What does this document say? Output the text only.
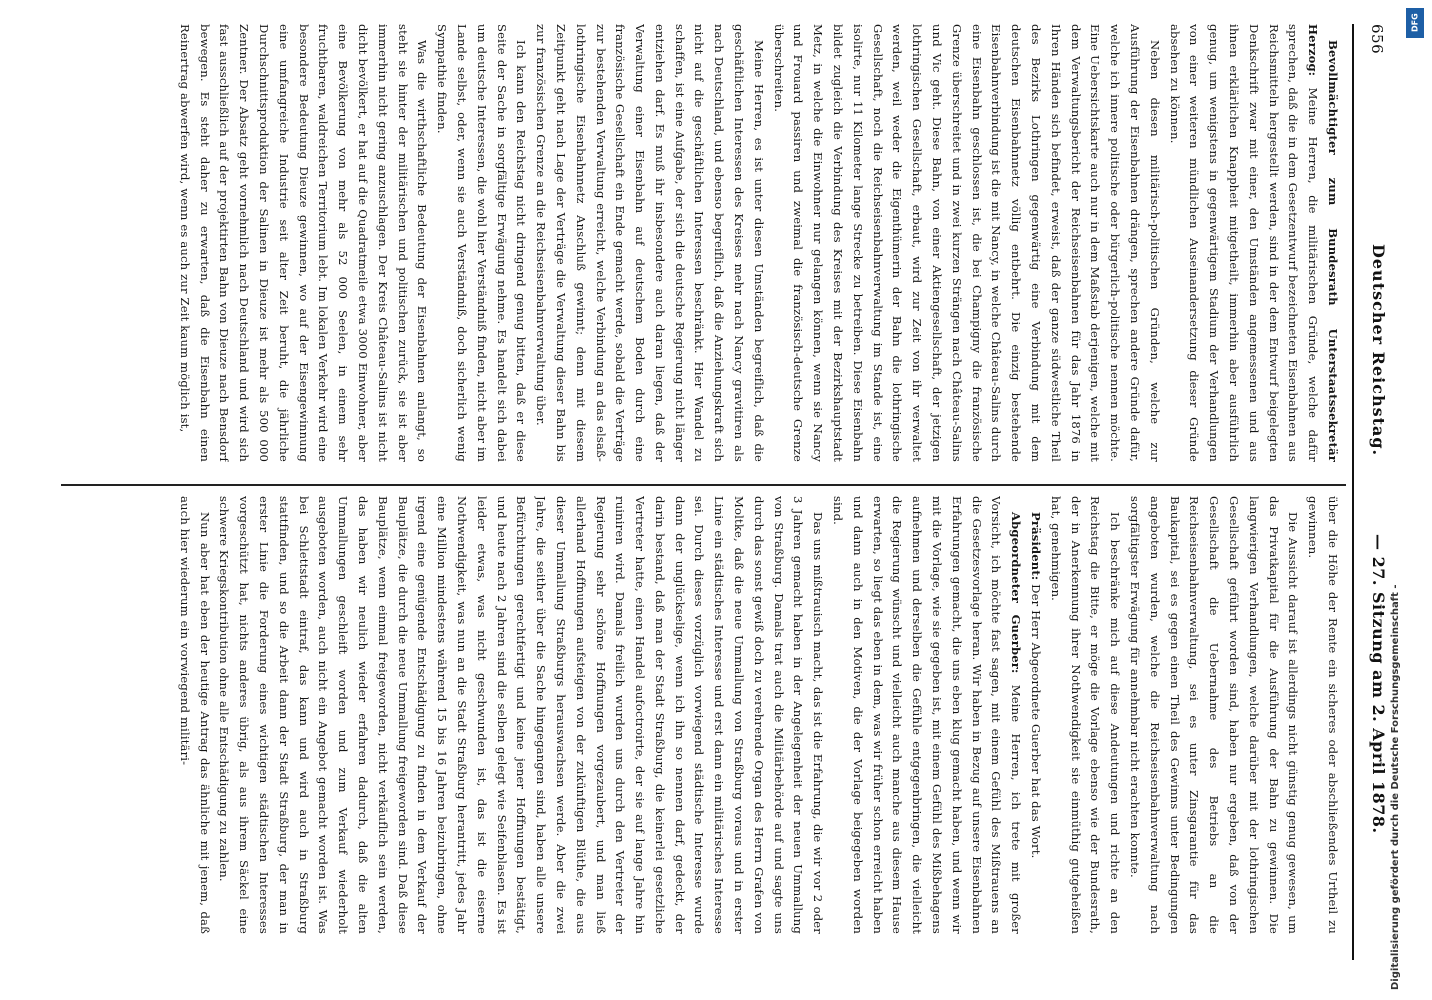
656
Deutscher Reichstag.
— 27. Sitzung am 2. April 1878.

Bevollmächtigter zum Bundesrath Unterstaatssekretär Herzog: Meine Herren, die militärischen Gründe, welche dafür sprechen, daß die in dem Gesetzentwurf bezeichneten Eisenbahnen aus Reichsmitteln hergestellt werden, sind in der dem Entwurf beigelegten Denkschrift zwar mit einer, den Umständen angemessenen und aus ihnen erklärlichen Knappheit mitgetheilt, immerhin aber ausführlich genug, um wenigstens in gegenwärtigem Stadium der Verhandlungen von einer weiteren mündlichen Auseinandersetzung dieser Gründe absehen zu können.

Neben diesen militärisch-politischen Gründen, welche zur Ausführung der Eisenbahnen drängen, sprechen andere Gründe dafür, welche ich innere politische oder bürgerlich-politische nennen möchte. Eine Uebersichtskarte auch nur in dem Maßstab derjenigen, welche mit dem Verwaltungsbericht der Reichseisenbahnen für das Jahr 1876 in Ihren Händen sich befindet, erweist, daß der ganze südwestliche Theil des Bezirks Lothringen gegenwärtig eine Verbindung mit dem deutschen Eisenbahnnetz völlig entbehrt. Die einzig bestehende Eisenbahnverbindung ist die mit Nancy, in welche Château-Salins durch eine Eisenbahn geschlossen ist, die bei Champigny die französische Grenze überschreitet und in zwei kurzen Strängen nach Château-Salins und Vic geht. Diese Bahn, von einer Aktiengesellschaft, der jetzigen lothringischen Gesellschaft, erbaut, wird zur Zeit von ihr verwaltet werden, weil weder die Eigenthümerin der Bahn die lothringische Gesellschaft, noch die Reichseisenbahnverwaltung im Stande ist, eine isolirte, nur 11 Kilometer lange Strecke zu betreiben. Diese Eisenbahn bildet zugleich die Verbindung des Kreises mit der Bezirkshauptstadt Metz, in welche die Einwohner nur gelangen können, wenn sie Nancy und Frouard passiren und zweimal die französisch-deutsche Grenze überschreiten.

Meine Herren, es ist unter diesen Umständen begreiflich, daß die geschäftlichen Interessen des Kreises mehr nach Nancy gravitiren als nach Deutschland, und ebenso begreiflich, daß die Anziehungskraft sich nicht auf die geschäftlichen Interessen beschränkt. Hier Wandel zu schaffen, ist eine Aufgabe, der sich die deutsche Regierung nicht länger entziehen darf. Es muß ihr insbesondere auch daran liegen, daß der Verwaltung einer Eisenbahn auf deutschem Boden durch eine französische Gesellschaft ein Ende gemacht werde, sobald die Verträge zur bestehenden Verwaltung erreicht, welche Verbindung an das elsaß-lothringische Eisenbahnnetz Anschluß gewinnt; denn mit diesem Zeitpunkt geht nach Lage der Verträge die Verwaltung dieser Bahn bis zur französischen Grenze an die Reichseisenbahnverwaltung über.

Ich kann den Reichstag nicht dringend genug bitten, daß er diese Seite der Sache in sorgfältige Erwägung nehme. Es handelt sich dabei um deutsche Interessen, die wohl hier Verständniß finden, nicht aber im Lande selbst, oder, wenn sie auch Verständniß, doch sicherlich wenig Sympathie finden.

Was die wirthschaftliche Bedeutung der Eisenbahnen anlangt, so steht sie hinter der militärischen und politischen zurück, sie ist aber immerhin nicht gering anzuschlagen. Der Kreis Château-Salins ist nicht dicht bevölkert, er hat auf die Quadratmeile etwa 3000 Einwohner, aber eine Bevölkerung von mehr als 52 000 Seelen, in einem sehr fruchtbaren, waldreichen Territorium lebt. Im lokalen Verkehr wird eine besondere Bedeutung Dieuze gewinnen, wo auf der Eisengewinnung eine umfangreiche Industrie seit alter Zeit beruht, die jährliche Durchschnittsproduktion der Salinen in Dieuze ist mehr als 500 000 Zentner. Der Absatz geht vornehmlich nach Deutschland und wird sich fast ausschließlich auf der projektirten Bahn von Dieuze nach Bensdorf bewegen. Es steht daher zu erwarten, daß die Eisenbahn einen Reinertrag abwerfen wird, wenn es auch zur Zeit kaum möglich ist,

über die Höhe der Rente ein sicheres oder abschließendes Urtheil zu gewinnen.

Die Aussicht darauf ist allerdings nicht günstig genug gewesen, um das Privatkapital für die Ausführung der Bahn zu gewinnen. Die langwierigen Verhandlungen, welche darüber mit der lothringischen Gesellschaft geführt worden sind, haben nur ergeben, daß von der Gesellschaft die Uebernahme des Betriebs an die Reichseisenbahnverwaltung, sei es unter Zinsgarantie für das Baukapital, sei es gegen einen Theil des Gewinns unter Bedingungen angeboten wurden, welche die Reichseisenbahnverwaltung nach sorgfältigster Erwägung für annehmbar nicht erachten konnte.

Ich beschränke mich auf diese Andeutungen und richte an den Reichstag die Bitte, er möge die Vorlage ebenso wie der Bundesrath, der in Anerkennung ihrer Nothwendigkeit sie einmüthig gutgeheißen hat, genehmigen.

Präsident: Der Herr Abgeordnete Guerber hat das Wort.

Abgeordneter Guerber: Meine Herren, ich trete mit großer Vorsicht, ich möchte fast sagen, mit einem Gefühl des Mißtrauens an die Gesetzesvorlage heran. Wir haben in Bezug auf unsere Eisenbahnen Erfahrungen gemacht, die uns eben klug gemacht haben, und wenn wir mit die Vorlage, wie sie gegeben ist, mit einem Gefühl des Mißbehagens aufnehmen und derselben die Gefühle entgegenbringen, die vielleicht die Regierung wünscht und vielleicht auch manche aus diesem Hause erwarten, so liegt das eben in dem, was wir früher schon erreicht haben und dann auch in den Motiven, die der Vorlage beigegeben worden sind.

Das uns mißtrauisch macht, das ist die Erfahrung, die wir vor 2 oder 3 Jahren gemacht haben in der Angelegenheit der neuen Ummallung von Straßburg. Damals trat auch die Militärbehörde auf und sagte uns durch das sonst gewiß doch zu verehrende Organ des Herrn Grafen von Moltke, daß die neue Ummallung von Straßburg voraus und in erster Linie ein städtisches Interesse und erst dann ein militärisches Interesse sei. Durch dieses vorzüglich vorwiegend städtische Interesse wurde dann der unglückselige, wenn ich ihn so nennen darf, gedeckt, der darin bestand, daß man der Stadt Straßburg, die keinerlei gesetzliche Vertreter hatte, einen Handel aufoctroirte, der sie auf lange Jahre hin ruiniren wird. Damals freilich wurden uns durch den Vertreter der Regierung sehr schöne Hoffnungen vorgezaubert, und man ließ allerhand Hoffnungen aufsteigen von der zukünftigen Blüthe, die aus dieser Ummallung Straßburgs herauswachsen werde. Aber die zwei Jahre, die seither über die Sache hingegangen sind, haben alle unsere Befürchtungen gerechtfertigt und keine jener Hoffnungen bestätigt, und heute nach 2 Jahren sind die selben gelegt wie Seifenblasen. Es ist leider etwas, was nicht geschwunden ist, das ist die eiserne Nothwendigkeit, was nun an die Stadt Straßburg herantritt, jedes Jahr eine Million mindestens während 15 bis 16 Jahren beizubringen, ohne irgend eine genügende Entschädigung zu finden in dem Verkauf der Bauplätze, die durch die neue Ummallung freigeworden sind. Daß diese Bauplätze, wenn einmal freigeworden, nicht verkäuflich sein werden, das haben wir neulich wieder erfahren dadurch, daß die alten Ummallungen geschleift worden und zum Verkauf wiederholt ausgeboten worden, auch nicht ein Angebot gemacht worden ist. Was bei Schlettstadt eintraf, das kann und wird auch in Straßburg stattfinden, und so die Arbeit dann der Stadt Straßburg, der man in erster Linie die Forderung eines wichtigen städtischen Interesses vorgeschützt hat, nichts anderes übrig, als aus ihrem Säckel eine schwere Kriegskontribution ohne alle Entschädigung zu zahlen.

Nun aber hat eben der heutige Antrag das ähnliche mit jenem, daß auch hier wiederum ein vorwiegend militäri-	Digitalisierung gefördert durch die Deutsche Forschungsgemeinschaft -
DFG
